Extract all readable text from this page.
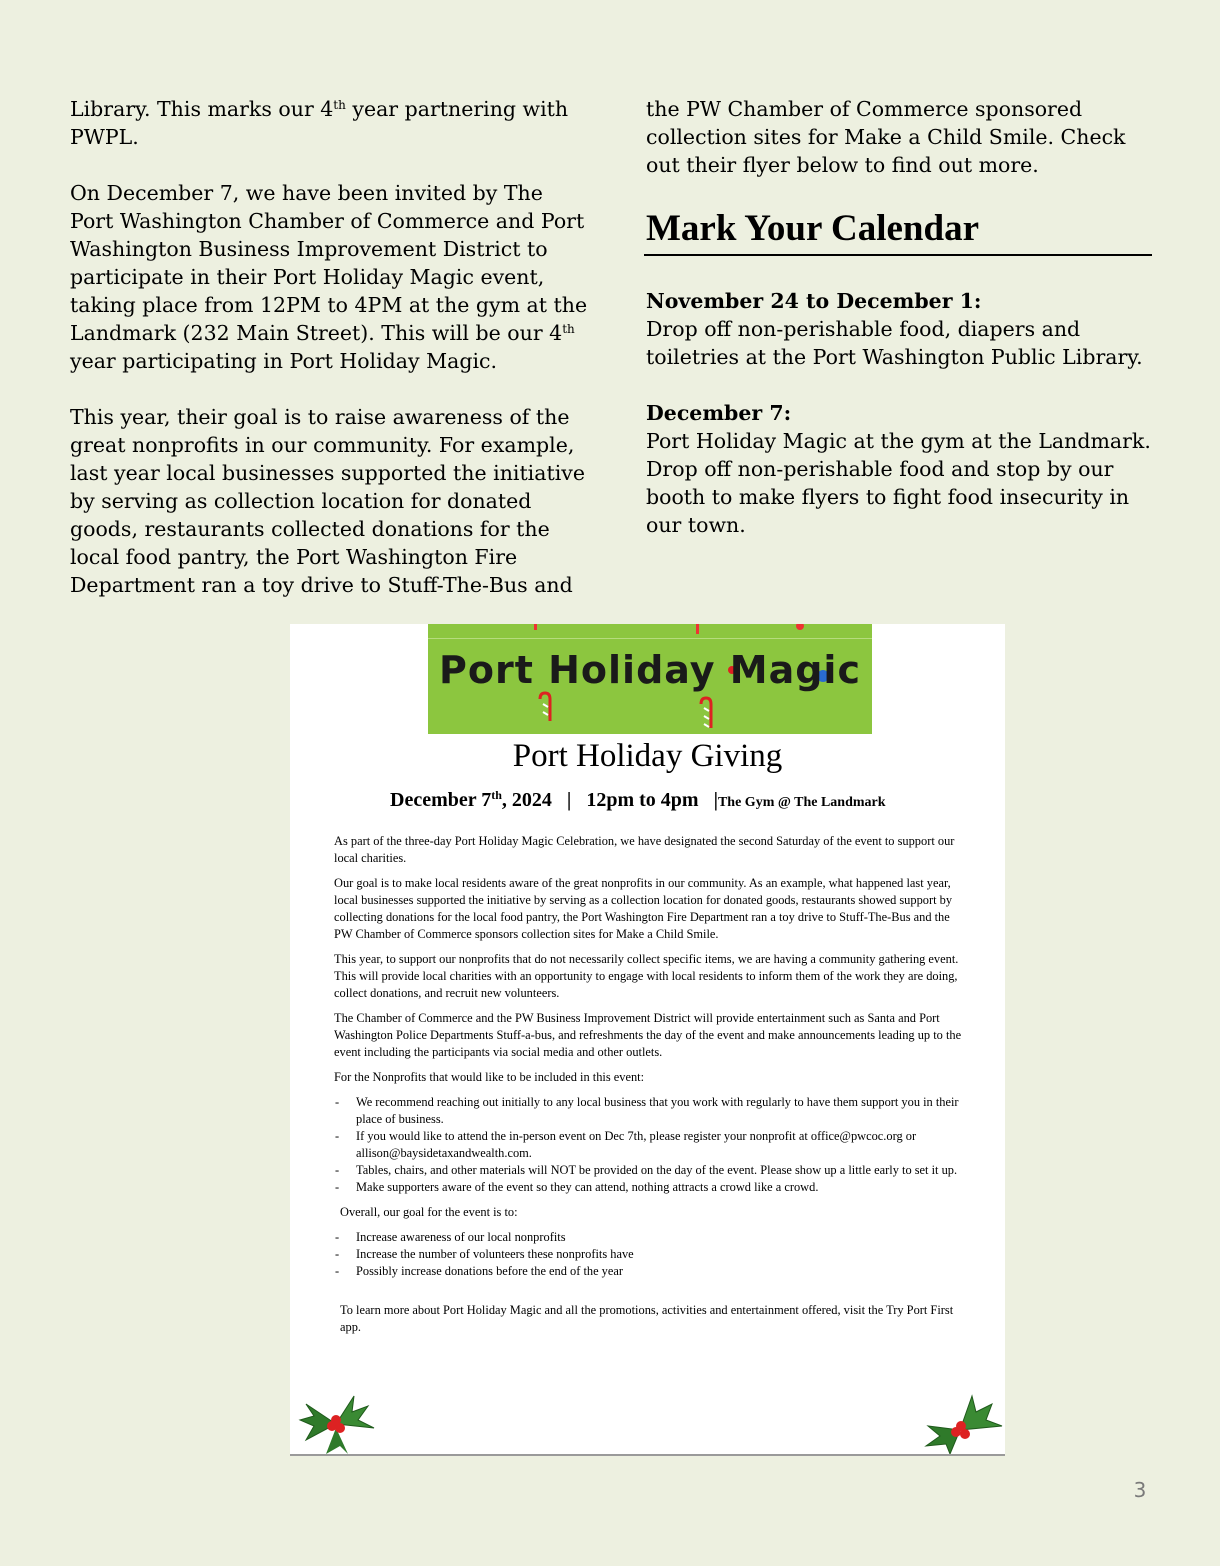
Library. This marks our 4th year partnering with PWPL.

On December 7, we have been invited by The Port Washington Chamber of Commerce and Port Washington Business Improvement District to participate in their Port Holiday Magic event, taking place from 12PM to 4PM at the gym at the Landmark (232 Main Street). This will be our 4th year participating in Port Holiday Magic.

This year, their goal is to raise awareness of the great nonprofits in our community. For example, last year local businesses supported the initiative by serving as collection location for donated goods, restaurants collected donations for the local food pantry, the Port Washington Fire Department ran a toy drive to Stuff-The-Bus and

the PW Chamber of Commerce sponsored collection sites for Make a Child Smile. Check out their flyer below to find out more.

Mark Your Calendar
November 24 to December 1:
Drop off non-perishable food, diapers and toiletries at the Port Washington Public Library.
December 7:
Port Holiday Magic at the gym at the Landmark. Drop off non-perishable food and stop by our booth to make flyers to fight food insecurity in our town.
Port Holiday Magic
Port Holiday Giving
December 7th, 2024 | 12pm to 4pm |The Gym @ The Landmark

As part of the three-day Port Holiday Magic Celebration, we have designated the second Saturday of the event to support our local charities.

Our goal is to make local residents aware of the great nonprofits in our community. As an example, what happened last year, local businesses supported the initiative by serving as a collection location for donated goods, restaurants showed support by collecting donations for the local food pantry, the Port Washington Fire Department ran a toy drive to Stuff-The-Bus and the PW Chamber of Commerce sponsors collection sites for Make a Child Smile.

This year, to support our nonprofits that do not necessarily collect specific items, we are having a community gathering event. This will provide local charities with an opportunity to engage with local residents to inform them of the work they are doing, collect donations, and recruit new volunteers.

The Chamber of Commerce and the PW Business Improvement District will provide entertainment such as Santa and Port Washington Police Departments Stuff-a-bus, and refreshments the day of the event and make announcements leading up to the event including the participants via social media and other outlets.

For the Nonprofits that would like to be included in this event:

- We recommend reaching out initially to any local business that you work with regularly to have them support you in their place of business.
- If you would like to attend the in-person event on Dec 7th, please register your nonprofit at office@pwcoc.org or allison@baysidetaxandwealth.com.
- Tables, chairs, and other materials will NOT be provided on the day of the event. Please show up a little early to set it up.
- Make supporters aware of the event so they can attend, nothing attracts a crowd like a crowd.

Overall, our goal for the event is to:

- Increase awareness of our local nonprofits
- Increase the number of volunteers these nonprofits have
- Possibly increase donations before the end of the year

To learn more about Port Holiday Magic and all the promotions, activities and entertainment offered, visit the Try Port First app.

3
